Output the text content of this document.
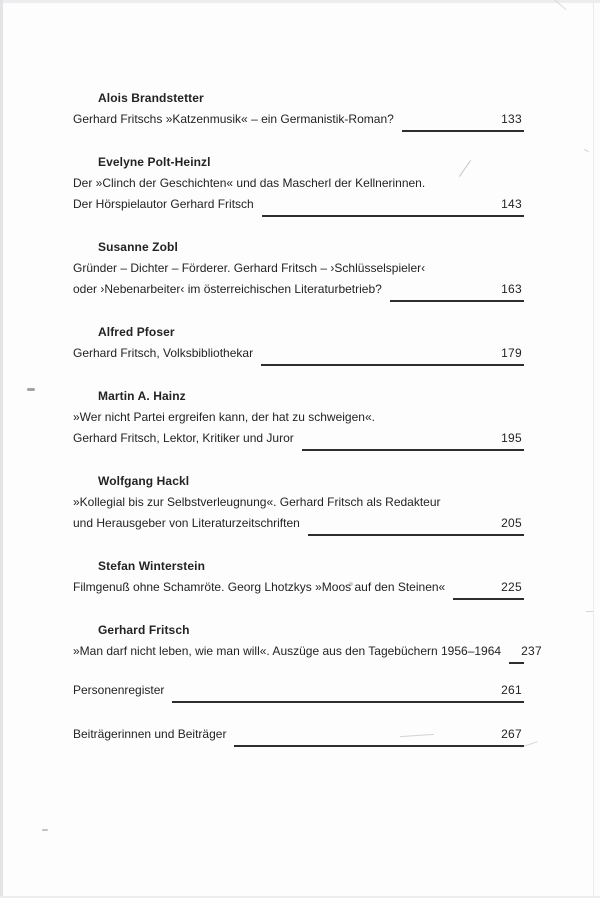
Alois Brandstetter
Gerhard Fritschs »Katzenmusik« – ein Germanistik-Roman?	133
Evelyne Polt-Heinzl
Der »Clinch der Geschichten« und das Mascherl der Kellnerinnen.
Der Hörspielautor Gerhard Fritsch	143
Susanne Zobl
Gründer – Dichter – Förderer. Gerhard Fritsch – ›Schlüsselspieler‹
oder ›Nebenarbeiter‹ im österreichischen Literaturbetrieb?	163
Alfred Pfoser
Gerhard Fritsch, Volksbibliothekar	179
Martin A. Hainz
»Wer nicht Partei ergreifen kann, der hat zu schweigen«.
Gerhard Fritsch, Lektor, Kritiker und Juror	195
Wolfgang Hackl
»Kollegial bis zur Selbstverleugnung«. Gerhard Fritsch als Redakteur
und Herausgeber von Literaturzeitschriften	205
Stefan Winterstein
Filmgenuß ohne Schamröte. Georg Lhotzkys »Moos auf den Steinen«	225
Gerhard Fritsch
»Man darf nicht leben, wie man will«. Auszüge aus den Tagebüchern 1956–1964	237
Personenregister	261
Beiträgerinnen und Beiträger	267
